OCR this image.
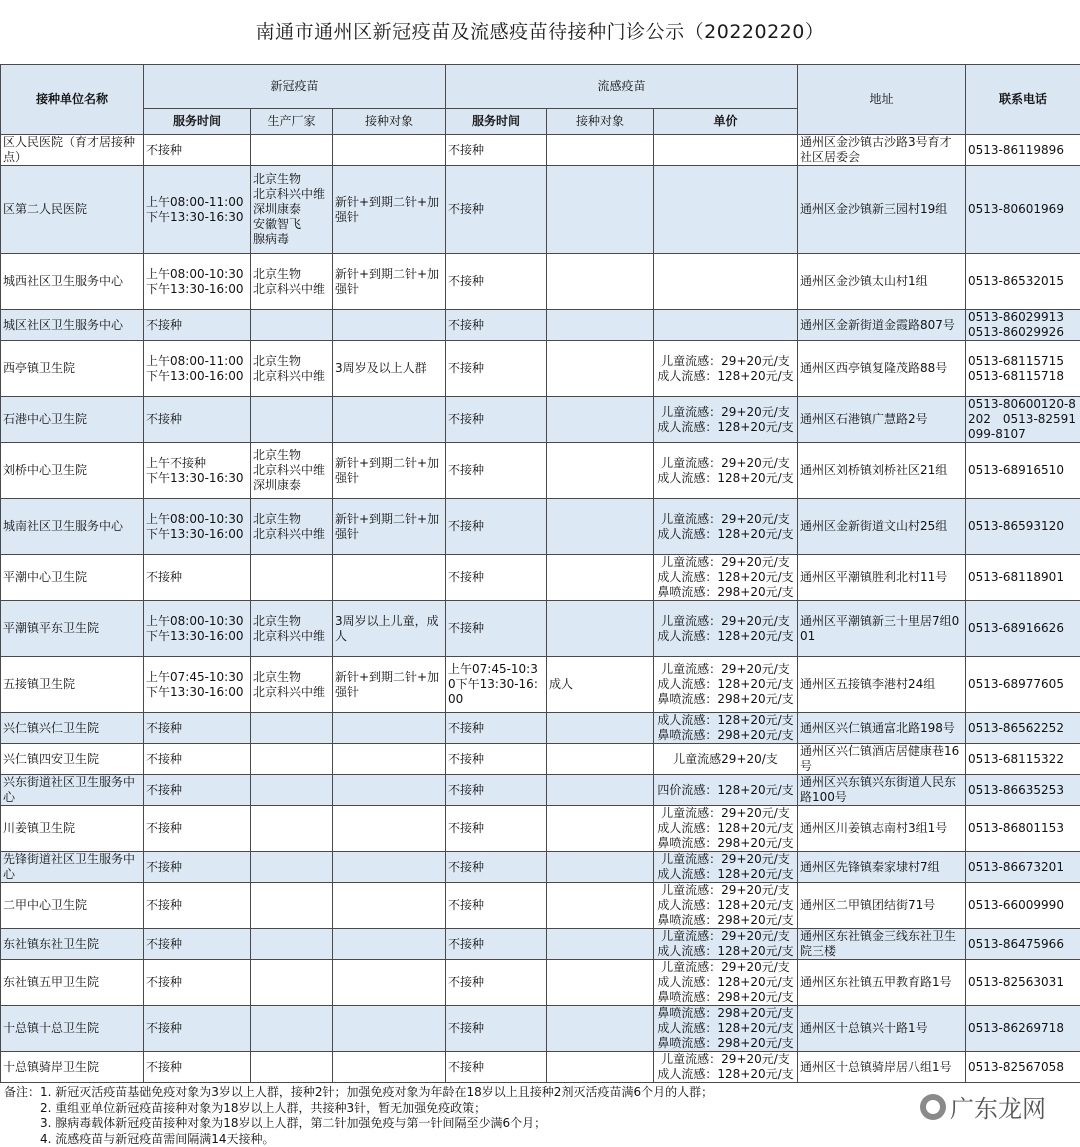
南通市通州区新冠疫苗及流感疫苗待接种门诊公示（20220220）
接种单位名称	新冠疫苗			流感疫苗			地址	联系电话
	服务时间	生产厂家	接种对象	服务时间	接种对象	单价		
区人民医院（育才居接种点）	不接种			不接种			通州区金沙镇古沙路3号育才社区居委会	0513-86119896
区第二人民医院	上午08:00-11:00
下午13:30-16:30	北京生物
北京科兴中维深圳康泰
安徽智飞
腺病毒	新针+到期二针+加强针	不接种			通州区金沙镇新三园村19组	0513-80601969
城西社区卫生服务中心	上午08:00-10:30
下午13:30-16:00	北京生物
北京科兴中维	新针+到期二针+加强针	不接种			通州区金沙镇太山村1组	0513-86532015
城区社区卫生服务中心	不接种			不接种			通州区金新街道金霞路807号	0513-86029913
0513-86029926
西亭镇卫生院	上午08:00-11:00
下午13:00-16:00	北京生物
北京科兴中维	3周岁及以上人群	不接种		儿童流感：29+20元/支
成人流感：128+20元/支	通州区西亭镇复隆茂路88号	0513-68115715
0513-68115718
石港中心卫生院	不接种			不接种		儿童流感：29+20元/支
成人流感：128+20元/支	通州区石港镇广慧路2号	0513-80600120-8202　0513-82591099-8107
刘桥中心卫生院	上午不接种
下午13:30-16:30	北京生物
北京科兴中维深圳康泰	新针+到期二针+加强针	不接种		儿童流感：29+20元/支
成人流感：128+20元/支	通州区刘桥镇刘桥社区21组	0513-68916510
城南社区卫生服务中心	上午08:00-10:30
下午13:30-16:00	北京生物
北京科兴中维	新针+到期二针+加强针	不接种		儿童流感：29+20元/支
成人流感：128+20元/支	通州区金新街道文山村25组	0513-86593120
平潮中心卫生院	不接种			不接种		儿童流感：29+20元/支
成人流感：128+20元/支
鼻喷流感：298+20元/支	通州区平潮镇胜利北村11号	0513-68118901
平潮镇平东卫生院	上午08:00-10:30
下午13:30-16:00	北京生物
北京科兴中维	3周岁以上儿童，成人	不接种		儿童流感：29+20元/支
成人流感：128+20元/支	通州区平潮镇新三十里居7组001	0513-68916626
五接镇卫生院	上午07:45-10:30
下午13:30-16:00	北京生物
北京科兴中维	新针+到期二针+加强针	上午07:45-10:30下午13:30-16:00	成人	儿童流感：29+20元/支
成人流感：128+20元/支
鼻喷流感：298+20元/支	通州区五接镇李港村24组	0513-68977605
兴仁镇兴仁卫生院	不接种			不接种		成人流感：128+20元/支
鼻喷流感：298+20元/支	通州区兴仁镇通富北路198号	0513-86562252
兴仁镇四安卫生院	不接种			不接种		儿童流感29+20/支	通州区兴仁镇酒店居健康巷16号	0513-68115322
兴东街道社区卫生服务中心	不接种			不接种		四价流感：128+20元/支	通州区兴东镇兴东街道人民东路100号	0513-86635253
川姜镇卫生院	不接种			不接种		儿童流感：29+20元/支
成人流感：128+20元/支
鼻喷流感：298+20元/支	通州区川姜镇志南村3组1号	0513-86801153
先锋街道社区卫生服务中心	不接种			不接种		儿童流感：29+20元/支
成人流感：128+20元/支	通州区先锋镇秦家埭村7组	0513-86673201
二甲中心卫生院	不接种			不接种		儿童流感：29+20元/支
成人流感：128+20元/支
鼻喷流感：298+20元/支	通州区二甲镇团结街71号	0513-66009990
东社镇东社卫生院	不接种			不接种		儿童流感：29+20元/支
成人流感：128+20元/支	通州区东社镇金三线东社卫生院三楼	0513-86475966
东社镇五甲卫生院	不接种			不接种		儿童流感：29+20元/支
成人流感：128+20元/支
鼻喷流感：298+20元/支	通州区东社镇五甲教育路1号	0513-82563031
十总镇十总卫生院	不接种			不接种		鼻喷流感：298+20元/支
成人流感：128+20元/支
鼻喷流感：298+20元/支	通州区十总镇兴十路1号	0513-86269718
十总镇骑岸卫生院	不接种			不接种		儿童流感：29+20元/支
成人流感：128+20元/支	通州区十总镇骑岸居八组1号	0513-82567058
备注：1. 新冠灭活疫苗基础免疫对象为3岁以上人群，接种2针；加强免疫对象为年龄在18岁以上且接种2剂灭活疫苗满6个月的人群；
　　　2. 重组亚单位新冠疫苗接种对象为18岁以上人群，共接种3针，暂无加强免疫政策；
　　　3. 腺病毒载体新冠疫苗接种对象为18岁以上人群，第二针加强免疫与第一针间隔至少满6个月；
　　　4. 流感疫苗与新冠疫苗需间隔满14天接种。
广东龙网
